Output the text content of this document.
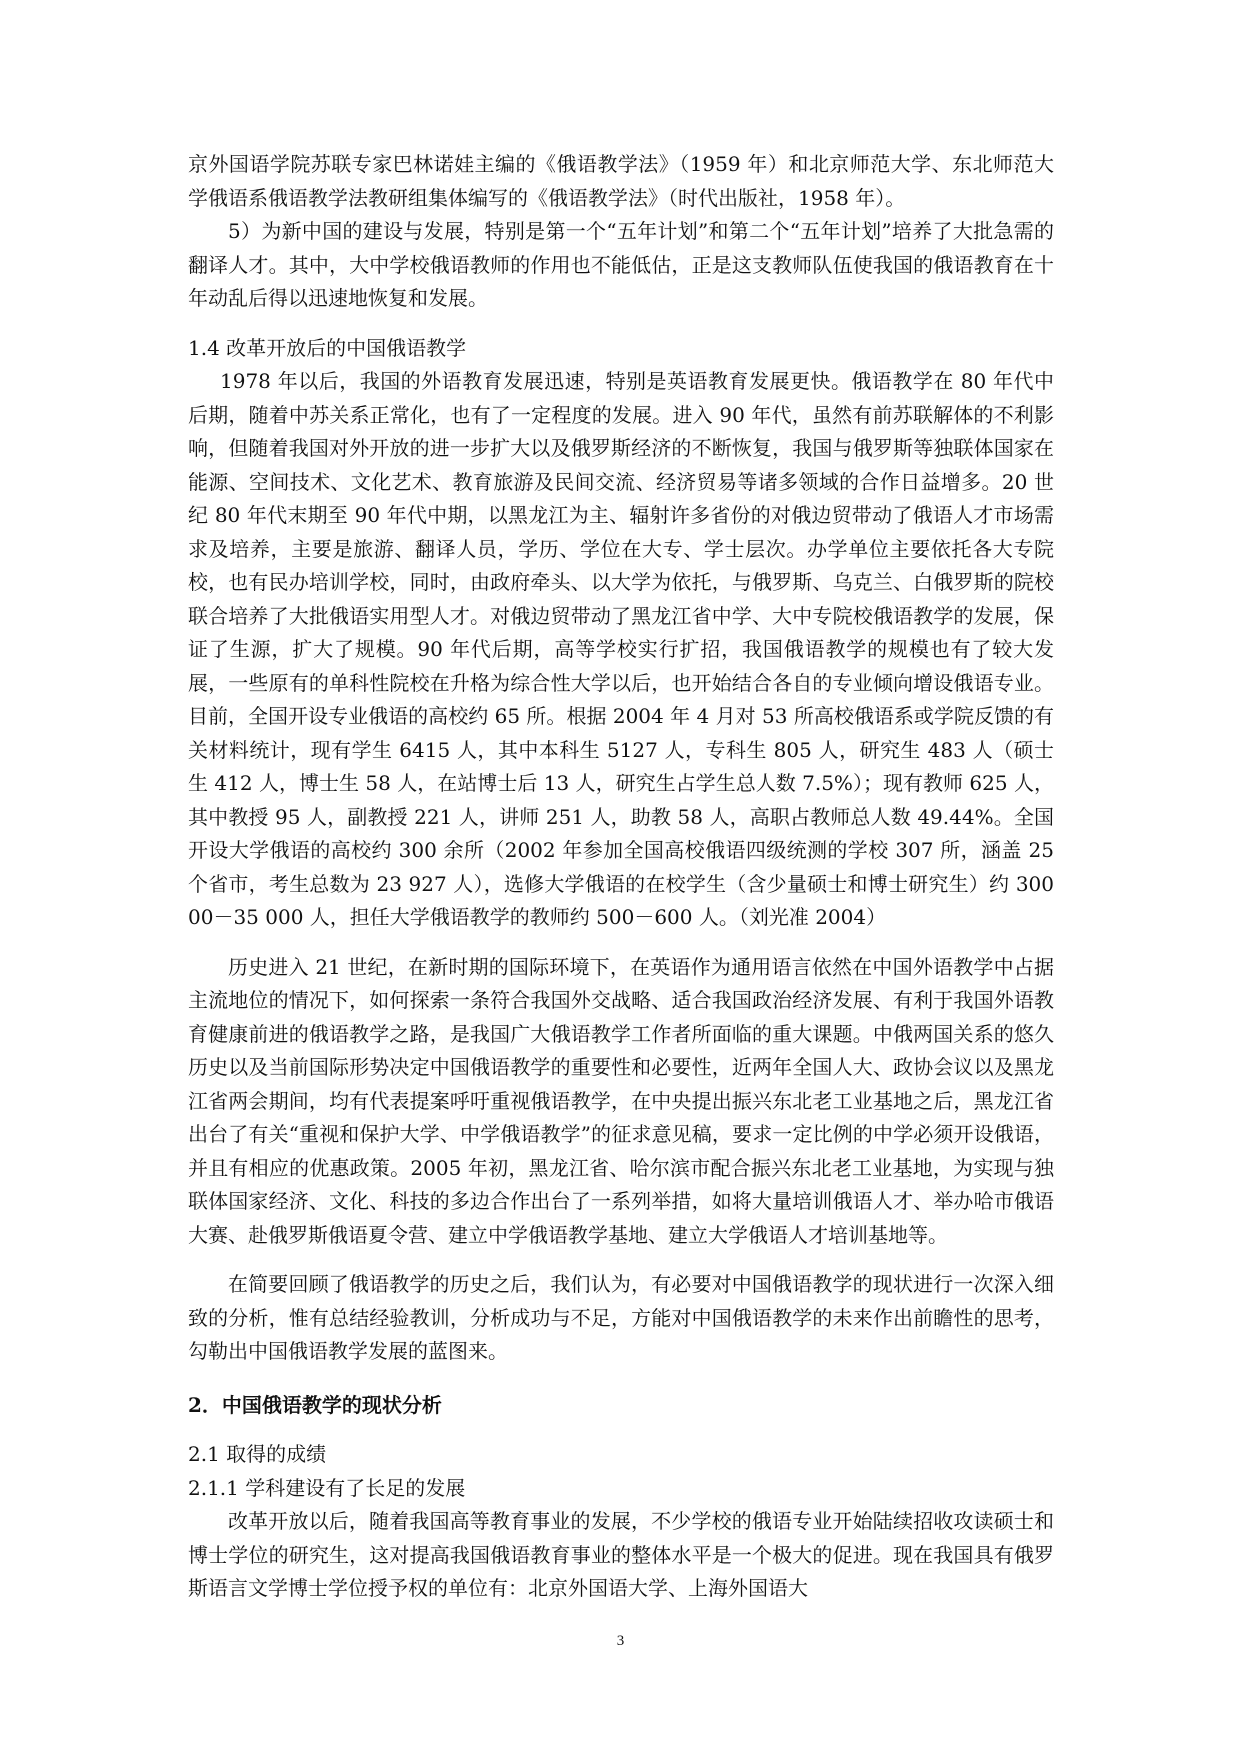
京外国语学院苏联专家巴林诺娃主编的《俄语教学法》（1959 年）和北京师范大学、东北师范大学俄语系俄语教学法教研组集体编写的《俄语教学法》（时代出版社，1958 年）。

5）为新中国的建设与发展，特别是第一个“五年计划”和第二个“五年计划”培养了大批急需的翻译人才。其中，大中学校俄语教师的作用也不能低估，正是这支教师队伍使我国的俄语教育在十年动乱后得以迅速地恢复和发展。

1.4 改革开放后的中国俄语教学

1978 年以后，我国的外语教育发展迅速，特别是英语教育发展更快。俄语教学在 80 年代中后期，随着中苏关系正常化，也有了一定程度的发展。进入 90 年代，虽然有前苏联解体的不利影响，但随着我国对外开放的进一步扩大以及俄罗斯经济的不断恢复，我国与俄罗斯等独联体国家在能源、空间技术、文化艺术、教育旅游及民间交流、经济贸易等诸多领域的合作日益增多。20 世纪 80 年代末期至 90 年代中期，以黑龙江为主、辐射许多省份的对俄边贸带动了俄语人才市场需求及培养，主要是旅游、翻译人员，学历、学位在大专、学士层次。办学单位主要依托各大专院校，也有民办培训学校，同时，由政府牵头、以大学为依托，与俄罗斯、乌克兰、白俄罗斯的院校联合培养了大批俄语实用型人才。对俄边贸带动了黑龙江省中学、大中专院校俄语教学的发展，保证了生源，扩大了规模。90 年代后期，高等学校实行扩招，我国俄语教学的规模也有了较大发展，一些原有的单科性院校在升格为综合性大学以后，也开始结合各自的专业倾向增设俄语专业。目前，全国开设专业俄语的高校约 65 所。根据 2004 年 4 月对 53 所高校俄语系或学院反馈的有关材料统计，现有学生 6415 人，其中本科生 5127 人，专科生 805 人，研究生 483 人（硕士生 412 人，博士生 58 人，在站博士后 13 人，研究生占学生总人数 7.5%）；现有教师 625 人，其中教授 95 人，副教授 221 人，讲师 251 人，助教 58 人，高职占教师总人数 49.44%。全国开设大学俄语的高校约 300 余所（2002 年参加全国高校俄语四级统测的学校 307 所，涵盖 25 个省市，考生总数为 23 927 人），选修大学俄语的在校学生（含少量硕士和博士研究生）约 30000－35 000 人，担任大学俄语教学的教师约 500－600 人。（刘光准 2004）

历史进入 21 世纪，在新时期的国际环境下，在英语作为通用语言依然在中国外语教学中占据主流地位的情况下，如何探索一条符合我国外交战略、适合我国政治经济发展、有利于我国外语教育健康前进的俄语教学之路，是我国广大俄语教学工作者所面临的重大课题。中俄两国关系的悠久历史以及当前国际形势决定中国俄语教学的重要性和必要性，近两年全国人大、政协会议以及黑龙江省两会期间，均有代表提案呼吁重视俄语教学，在中央提出振兴东北老工业基地之后，黑龙江省出台了有关“重视和保护大学、中学俄语教学”的征求意见稿，要求一定比例的中学必须开设俄语，并且有相应的优惠政策。2005 年初，黑龙江省、哈尔滨市配合振兴东北老工业基地，为实现与独联体国家经济、文化、科技的多边合作出台了一系列举措，如将大量培训俄语人才、举办哈市俄语大赛、赴俄罗斯俄语夏令营、建立中学俄语教学基地、建立大学俄语人才培训基地等。

在简要回顾了俄语教学的历史之后，我们认为，有必要对中国俄语教学的现状进行一次深入细致的分析，惟有总结经验教训，分析成功与不足，方能对中国俄语教学的未来作出前瞻性的思考，勾勒出中国俄语教学发展的蓝图来。

2．中国俄语教学的现状分析

2.1 取得的成绩

2.1.1 学科建设有了长足的发展

改革开放以后，随着我国高等教育事业的发展，不少学校的俄语专业开始陆续招收攻读硕士和博士学位的研究生，这对提高我国俄语教育事业的整体水平是一个极大的促进。现在我国具有俄罗斯语言文学博士学位授予权的单位有：北京外国语大学、上海外国语大

3
